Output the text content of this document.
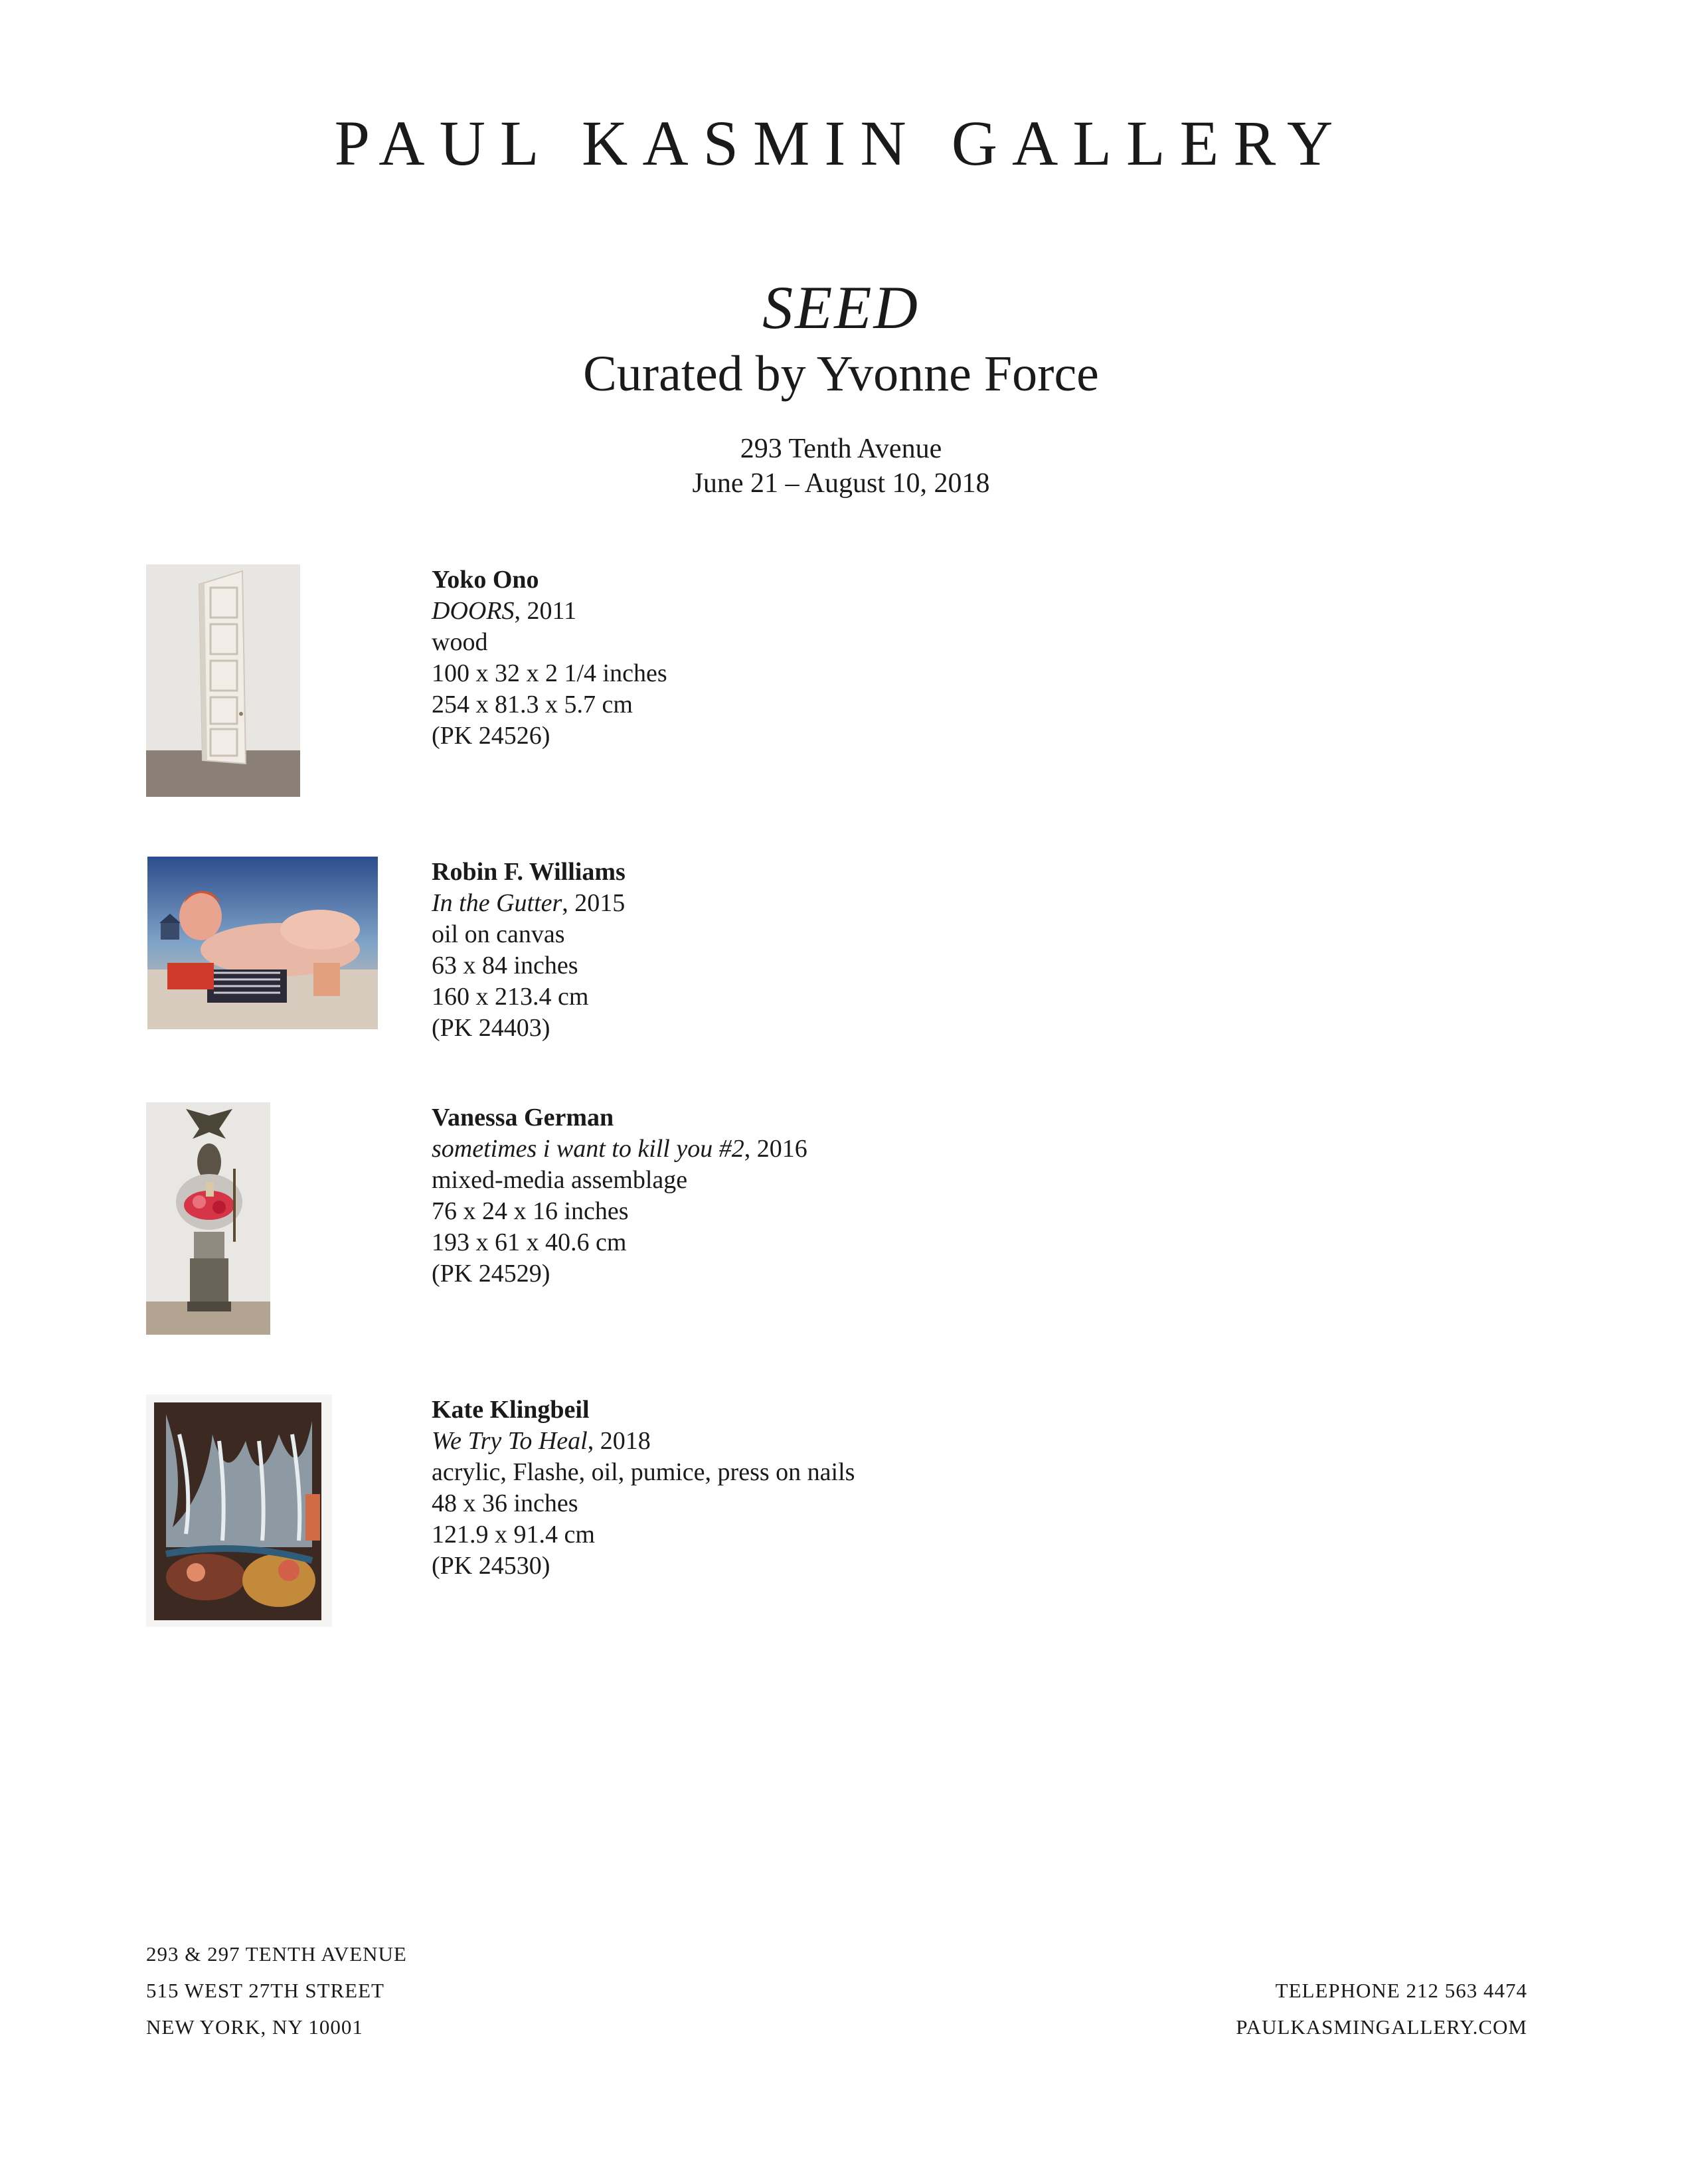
PAUL KASMIN GALLERY
SEED
Curated by Yvonne Force
293 Tenth Avenue
June 21 – August 10, 2018
Yoko Ono
DOORS, 2011
wood
100 x 32 x 2 1/4 inches
254 x 81.3 x 5.7 cm
(PK 24526)
Robin F. Williams
In the Gutter, 2015
oil on canvas
63 x 84 inches
160 x 213.4 cm
(PK 24403)
Vanessa German
sometimes i want to kill you #2, 2016
mixed-media assemblage
76 x 24 x 16 inches
193 x 61 x 40.6 cm
(PK 24529)
Kate Klingbeil
We Try To Heal, 2018
acrylic, Flashe, oil, pumice, press on nails
48 x 36 inches
121.9 x 91.4 cm
(PK 24530)
293 & 297 TENTH AVENUE
515 WEST 27TH STREET
NEW YORK, NY 10001
TELEPHONE 212 563 4474
PAULKASMINGALLERY.COM
